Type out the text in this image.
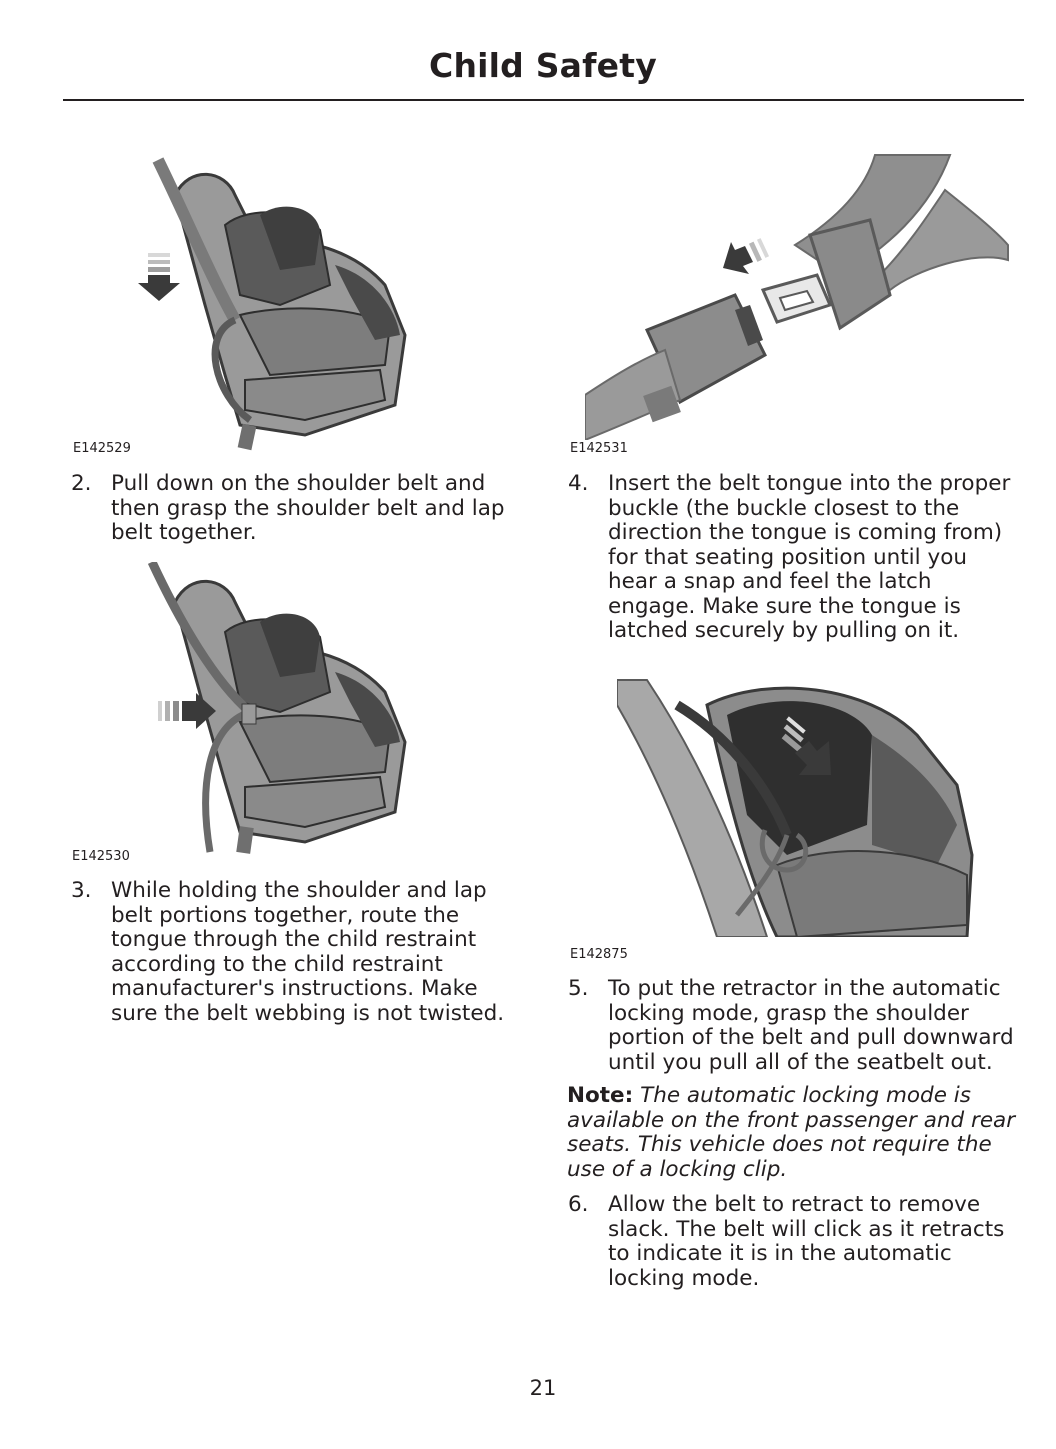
Child Safety
E142529
2. Pull down on the shoulder belt and then grasp the shoulder belt and lap belt together.
E142530
3. While holding the shoulder and lap belt portions together, route the tongue through the child restraint according to the child restraint manufacturer's instructions. Make sure the belt webbing is not twisted.
E142531
4. Insert the belt tongue into the proper buckle (the buckle closest to the direction the tongue is coming from) for that seating position until you hear a snap and feel the latch engage. Make sure the tongue is latched securely by pulling on it.
E142875
5. To put the retractor in the automatic locking mode, grasp the shoulder portion of the belt and pull downward until you pull all of the seatbelt out.
Note: The automatic locking mode is available on the front passenger and rear seats. This vehicle does not require the use of a locking clip.
6. Allow the belt to retract to remove slack. The belt will click as it retracts to indicate it is in the automatic locking mode.
21
